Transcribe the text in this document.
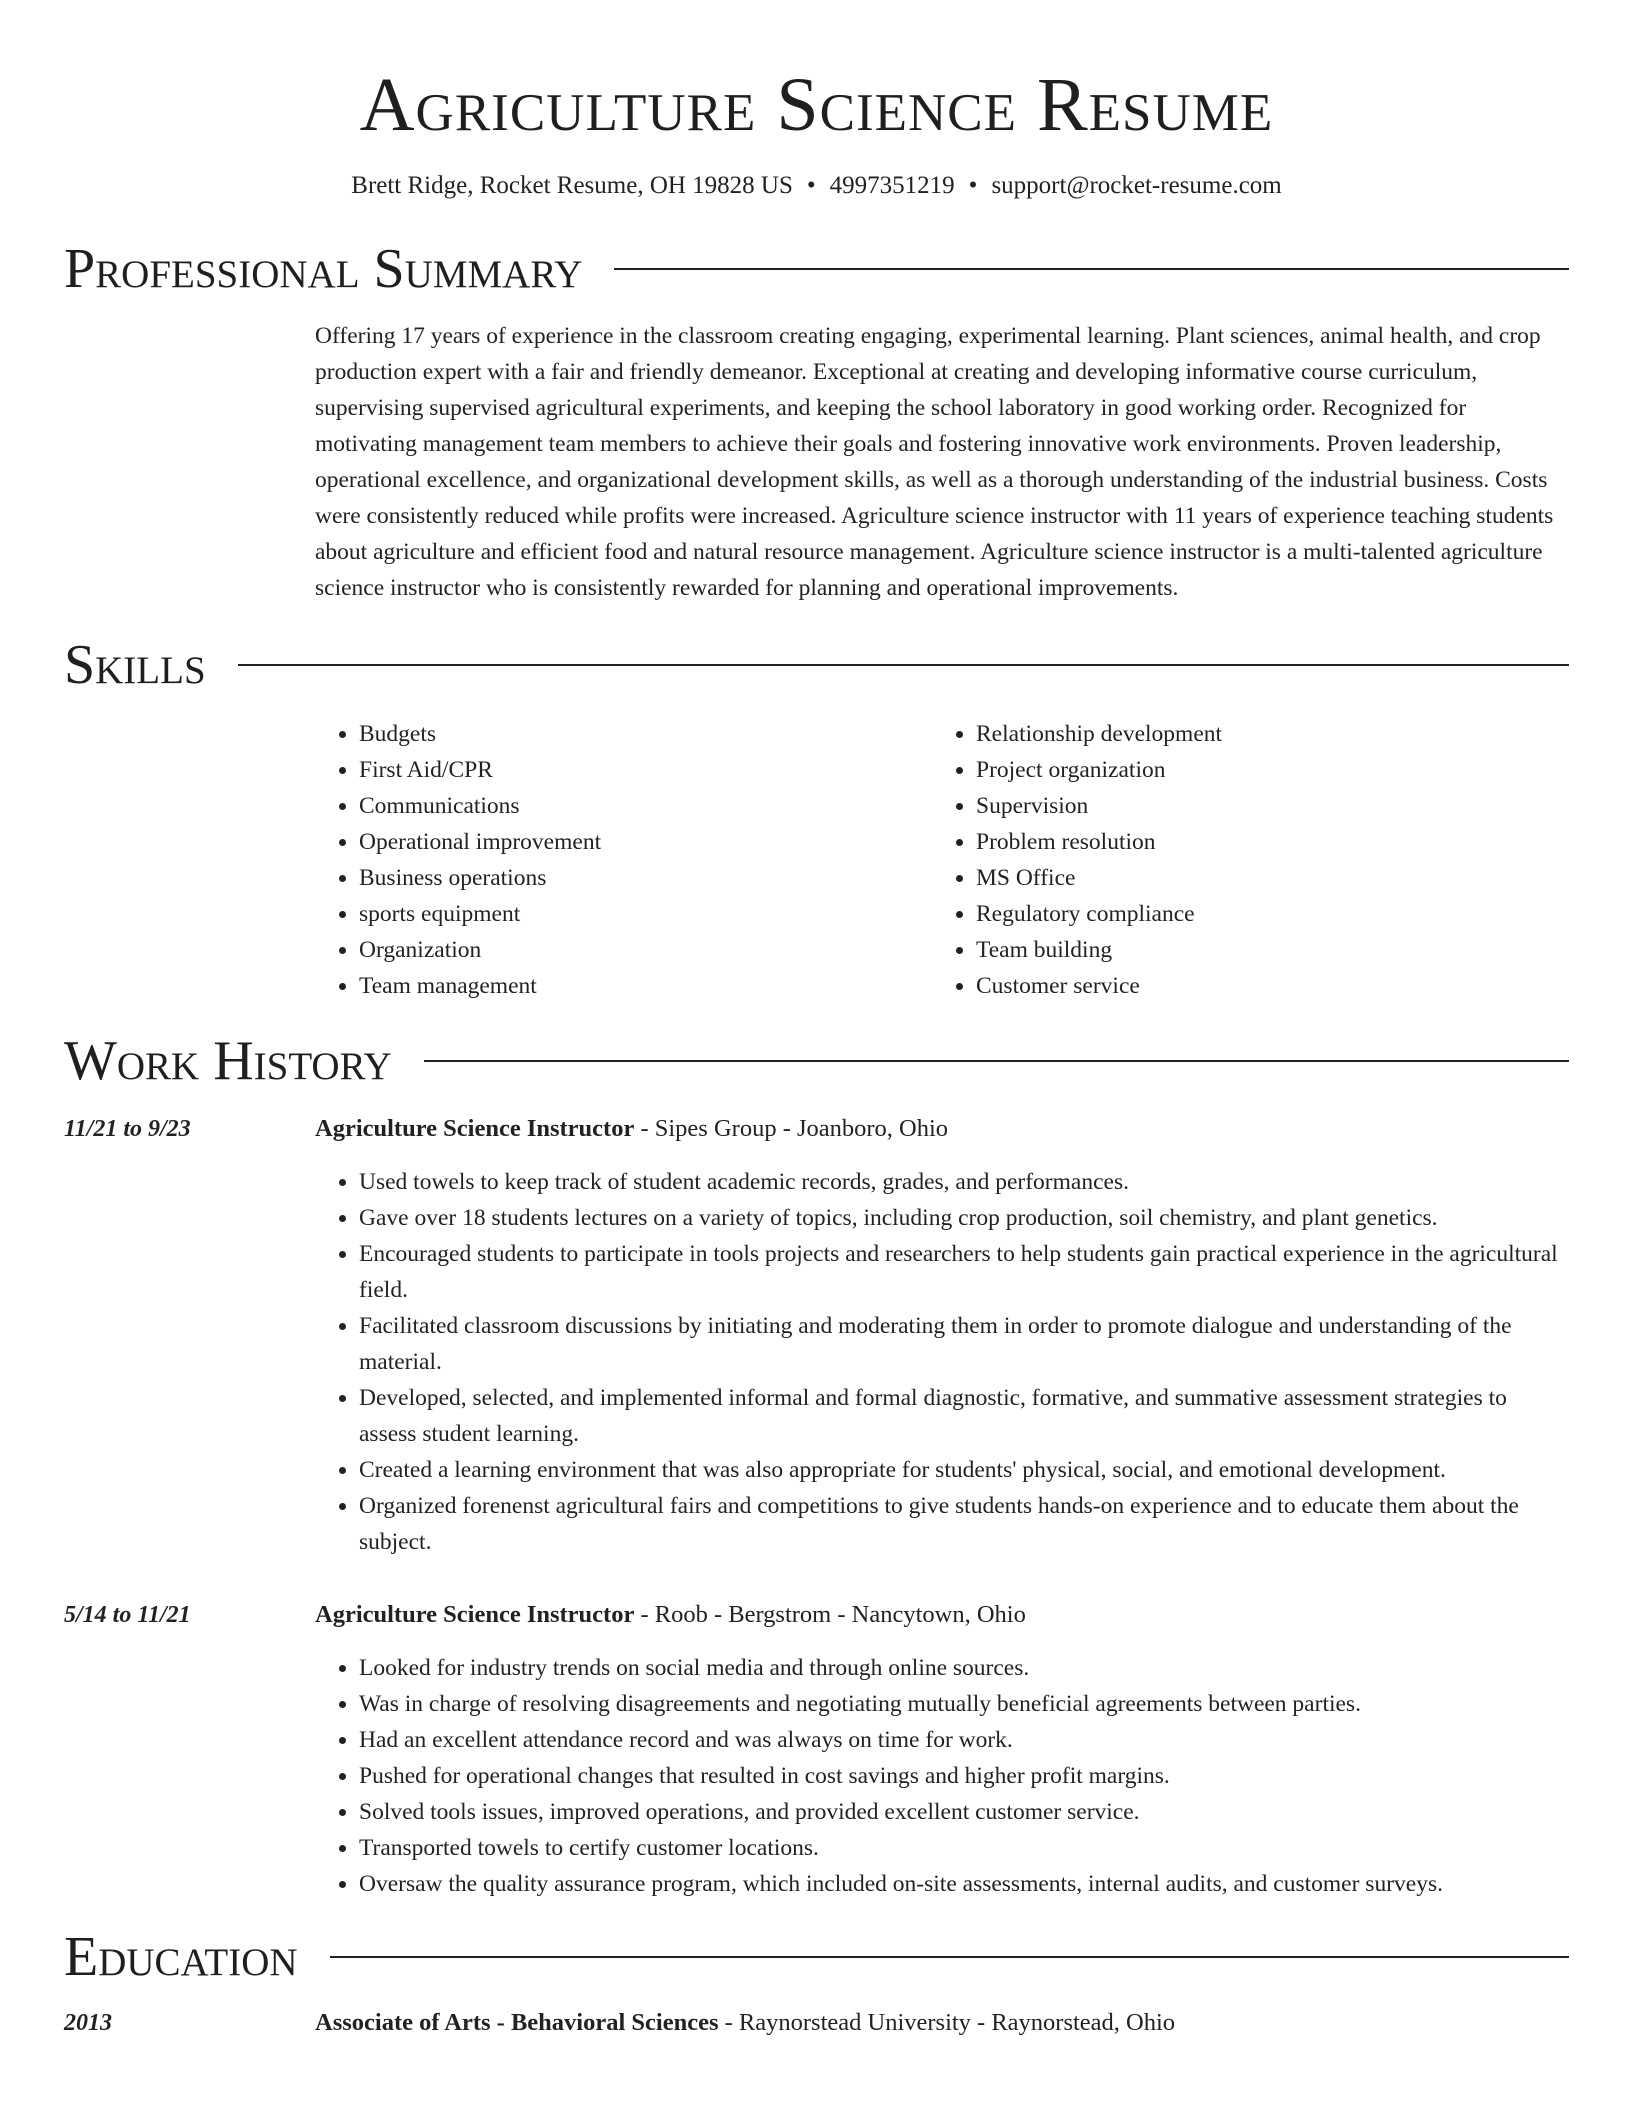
Agriculture Science Resume
Brett Ridge, Rocket Resume, OH 19828 US • 4997351219 • support@rocket-resume.com
Professional Summary
Offering 17 years of experience in the classroom creating engaging, experimental learning. Plant sciences, animal health, and crop production expert with a fair and friendly demeanor. Exceptional at creating and developing informative course curriculum, supervising supervised agricultural experiments, and keeping the school laboratory in good working order. Recognized for motivating management team members to achieve their goals and fostering innovative work environments. Proven leadership, operational excellence, and organizational development skills, as well as a thorough understanding of the industrial business. Costs were consistently reduced while profits were increased. Agriculture science instructor with 11 years of experience teaching students about agriculture and efficient food and natural resource management. Agriculture science instructor is a multi-talented agriculture science instructor who is consistently rewarded for planning and operational improvements.
Skills
• Budgets
• First Aid/CPR
• Communications
• Operational improvement
• Business operations
• sports equipment
• Organization
• Team management
• Relationship development
• Project organization
• Supervision
• Problem resolution
• MS Office
• Regulatory compliance
• Team building
• Customer service
Work History
11/21 to 9/23	Agriculture Science Instructor - Sipes Group - Joanboro, Ohio
• Used towels to keep track of student academic records, grades, and performances.
• Gave over 18 students lectures on a variety of topics, including crop production, soil chemistry, and plant genetics.
• Encouraged students to participate in tools projects and researchers to help students gain practical experience in the agricultural field.
• Facilitated classroom discussions by initiating and moderating them in order to promote dialogue and understanding of the material.
• Developed, selected, and implemented informal and formal diagnostic, formative, and summative assessment strategies to assess student learning.
• Created a learning environment that was also appropriate for students' physical, social, and emotional development.
• Organized forenenst agricultural fairs and competitions to give students hands-on experience and to educate them about the subject.
5/14 to 11/21	Agriculture Science Instructor - Roob - Bergstrom - Nancytown, Ohio
• Looked for industry trends on social media and through online sources.
• Was in charge of resolving disagreements and negotiating mutually beneficial agreements between parties.
• Had an excellent attendance record and was always on time for work.
• Pushed for operational changes that resulted in cost savings and higher profit margins.
• Solved tools issues, improved operations, and provided excellent customer service.
• Transported towels to certify customer locations.
• Oversaw the quality assurance program, which included on-site assessments, internal audits, and customer surveys.
Education
2013	Associate of Arts - Behavioral Sciences - Raynorstead University - Raynorstead, Ohio
